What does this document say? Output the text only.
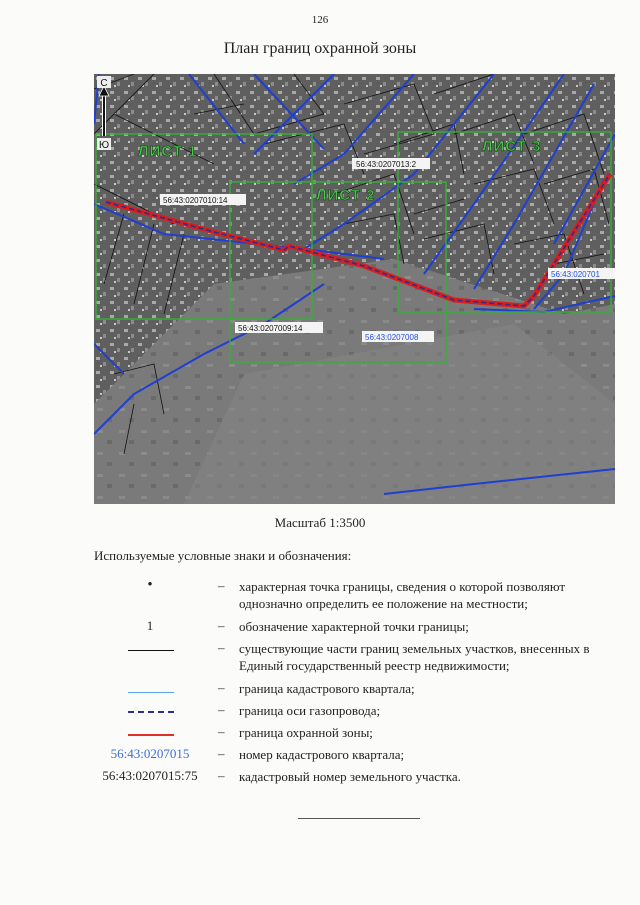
126
План границ охранной зоны
С
Ю ЛИСТ 1
ЛИСТ 2
ЛИСТ 3
56:43:0207013:2
56:43:0207010:14
56:43:0207009:14
56:43:0207008
56:43:020701
Масштаб 1:3500
Используемые условные знаки и обозначения:
•	– характерная точка границы, сведения о которой позволяют
однозначно определить ее положение на местности;
1	– обозначение характерной точки границы;
– существующие части границ земельных участков, внесенных в
Единый государственный реестр недвижимости;
– граница кадастрового квартала;
– граница оси газопровода;
– граница охранной зоны;
56:43:0207015	– номер кадастрового квартала;
56:43:0207015:75	– кадастровый номер земельного участка.
